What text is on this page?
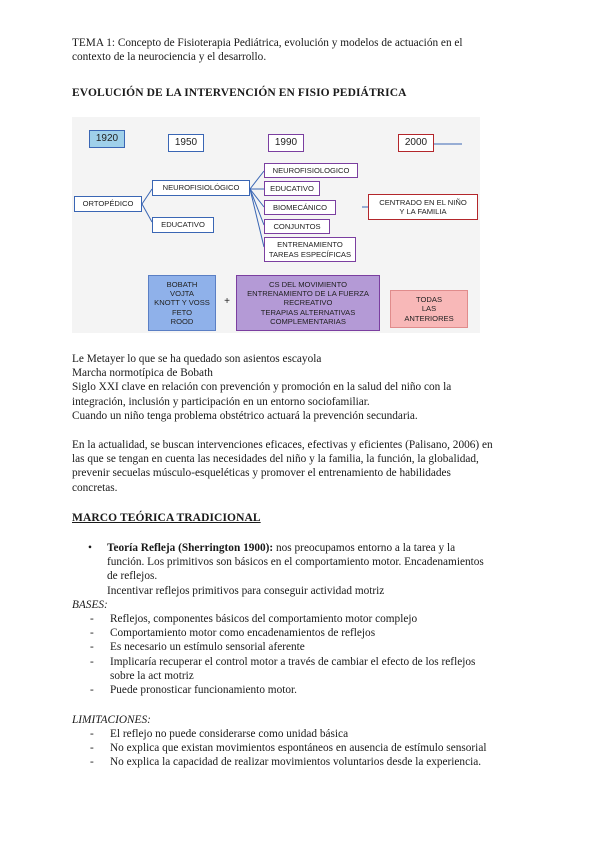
TEMA 1: Concepto de Fisioterapia Pediátrica, evolución y modelos de actuación en el
contexto de la neurociencia y el desarrollo.
EVOLUCIÓN DE LA INTERVENCIÓN EN FISIO PEDIÁTRICA
1920	1950	1990	2000
ORTOPÉDICO
NEUROFISIOLÓGICO
EDUCATIVO
NEUROFISIOLOGICO
EDUCATIVO
BIOMECÁNICO
CONJUNTOS
ENTRENAMIENTO
TAREAS ESPECÍFICAS
CENTRADO EN EL NIÑO
Y LA FAMILIA
BOBATH
VOJTA
KNOTT Y VOSS
FETO
ROOD
+
CS DEL MOVIMIENTO
ENTRENAMIENTO DE LA FUERZA
RECREATIVO
TERAPIAS ALTERNATIVAS
COMPLEMENTARIAS
TODAS
LAS
ANTERIORES
Le Metayer lo que se ha quedado son asientos escayola
Marcha normotípica de Bobath
Siglo XXI clave en relación con prevención y promoción en la salud del niño con la
integración, inclusión y participación en un entorno sociofamiliar.
Cuando un niño tenga problema obstétrico actuará la prevención secundaria.
En la actualidad, se buscan intervenciones eficaces, efectivas y eficientes (Palisano, 2006) en
las que se tengan en cuenta las necesidades del niño y la familia, la función, la globalidad,
prevenir secuelas músculo-esqueléticas y promover el entrenamiento de habilidades
concretas.
MARCO TEÓRICA TRADICIONAL
• Teoría Refleja (Sherrington 1900): nos preocupamos entorno a la tarea y la
función. Los primitivos son básicos en el comportamiento motor. Encadenamientos
de reflejos.
Incentivar reflejos primitivos para conseguir actividad motriz
BASES:
- Reflejos, componentes básicos del comportamiento motor complejo
- Comportamiento motor como encadenamientos de reflejos
- Es necesario un estímulo sensorial aferente
- Implicaría recuperar el control motor a través de cambiar el efecto de los reflejos
sobre la act motriz
- Puede pronosticar funcionamiento motor.
LIMITACIONES:
- El reflejo no puede considerarse como unidad básica
- No explica que existan movimientos espontáneos en ausencia de estímulo sensorial
- No explica la capacidad de realizar movimientos voluntarios desde la experiencia.
